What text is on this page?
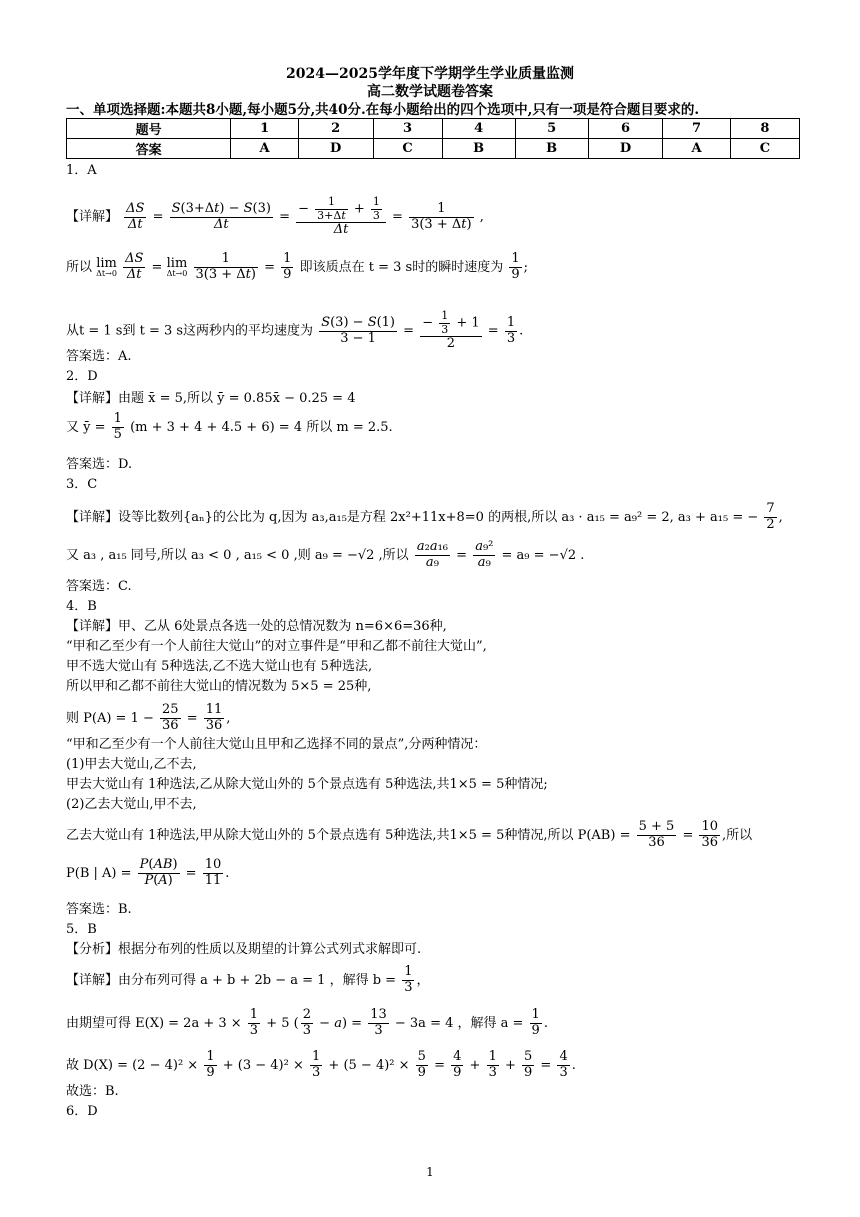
2024—2025学年度下学期学生学业质量监测
高二数学试题卷答案
一、单项选择题:本题共8小题,每小题5分,共40分.在每小题给出的四个选项中,只有一项是符合题目要求的.
题号	1	2	3	4	5	6	7	8
答案	A	D	C	B	B	D	A	C
1．A
【详解】 $\frac{\Delta S}{\Delta t} = \frac{S(3+\Delta t) - S(3)}{\Delta t} = \frac{- \frac{1}{3+\Delta t} + \frac{1}{3}}{\Delta t} = \frac{1}{3(3 + \Delta t)}$ ,
所以 lim
Δt→0
$\frac{\Delta S}{\Delta t} = \lim$
Δt→0
$\frac{1}{3(3 + \Delta t)} = \frac{1}{9}$ 即该质点在 t = 3 s时的瞬时速度为 $\frac{1}{9}$ ;
从t = 1 s到 t = 3 s这两秒内的平均速度为 $\frac{S(3) - S(1)}{3 - 1} = \frac{- \frac{1}{3} + 1}{2} = \frac{1}{3}$ .
答案选：A.
2．D
【详解】由题 x̄ = 5,所以 ȳ = 0.85x̄ − 0.25 = 4
又 ȳ = $\frac{1}{5} (m + 3 + 4 + 4.5 + 6) = 4$ 所以 m = 2.5.
答案选：D.
3．C
【详解】设等比数列{aₙ}的公比为 q,因为 a₃,a₁₅是方程 2x²+11x+8=0 的两根,所以 a₃ · a₁₅ = a₉² = 2, a₃ + a₁₅ = − $\frac{7}{2}$ ,
又 a₃ , a₁₅ 同号,所以 a₃ < 0 , a₁₅ < 0 ,则 a₉ = −√2 ,所以 $\frac{\text{a₂a₁₆}}{\text{a₉}} = \frac{\text{a₉²}}{\text{a₉}} = a_9 = -√2$ .
答案选：C.
4．B
【详解】甲、乙从 6处景点各选一处的总情况数为 n=6×6=36种,
“甲和乙至少有一个人前往大觉山”的对立事件是“甲和乙都不前往大觉山”,
甲不选大觉山有 5种选法,乙不选大觉山也有 5种选法,
所以甲和乙都不前往大觉山的情况数为 5×5 = 25种,
则 $P(A) = 1 - \frac{25}{36} = \frac{11}{36}$ ,
“甲和乙至少有一个人前往大觉山且甲和乙选择不同的景点”,分两种情况：
(1)甲去大觉山,乙不去,
甲去大觉山有 1种选法,乙从除大觉山外的 5个景点选有 5种选法,共1×5 = 5种情况;
(2)乙去大觉山,甲不去,
乙去大觉山有 1种选法,甲从除大觉山外的 5个景点选有 5种选法,共1×5 = 5种情况,所以 $P(AB) = \frac{5 + 5}{36} = \frac{10}{36}$ ,所以
P(B | $A) = \frac{P(AB)}{P(A)} = \frac{10}{11}$ .
答案选：B.
5．B
【分析】根据分布列的性质以及期望的计算公式列式求解即可.
【详解】由分布列可得 a + b + 2b − a = 1 ，解得 $b = \frac{1}{3}$ ，
由期望可得 $E(X) = 2a + 3 \times \frac{1}{3} + 5$ ( $\frac{2}{3} - a) = \frac{13}{3} - 3a = 4$ ，解得 $a = \frac{1}{9}$ .
故 $D(X) = (2 - 4)^2 \times \frac{1}{9} + (3 - 4)^2 \times \frac{1}{3} + (5 - 4)^2 \times \frac{5}{9} = \frac{4}{9} + \frac{1}{3} + \frac{5}{9} = \frac{4}{3}$ .
故选：B.
6．D
1
